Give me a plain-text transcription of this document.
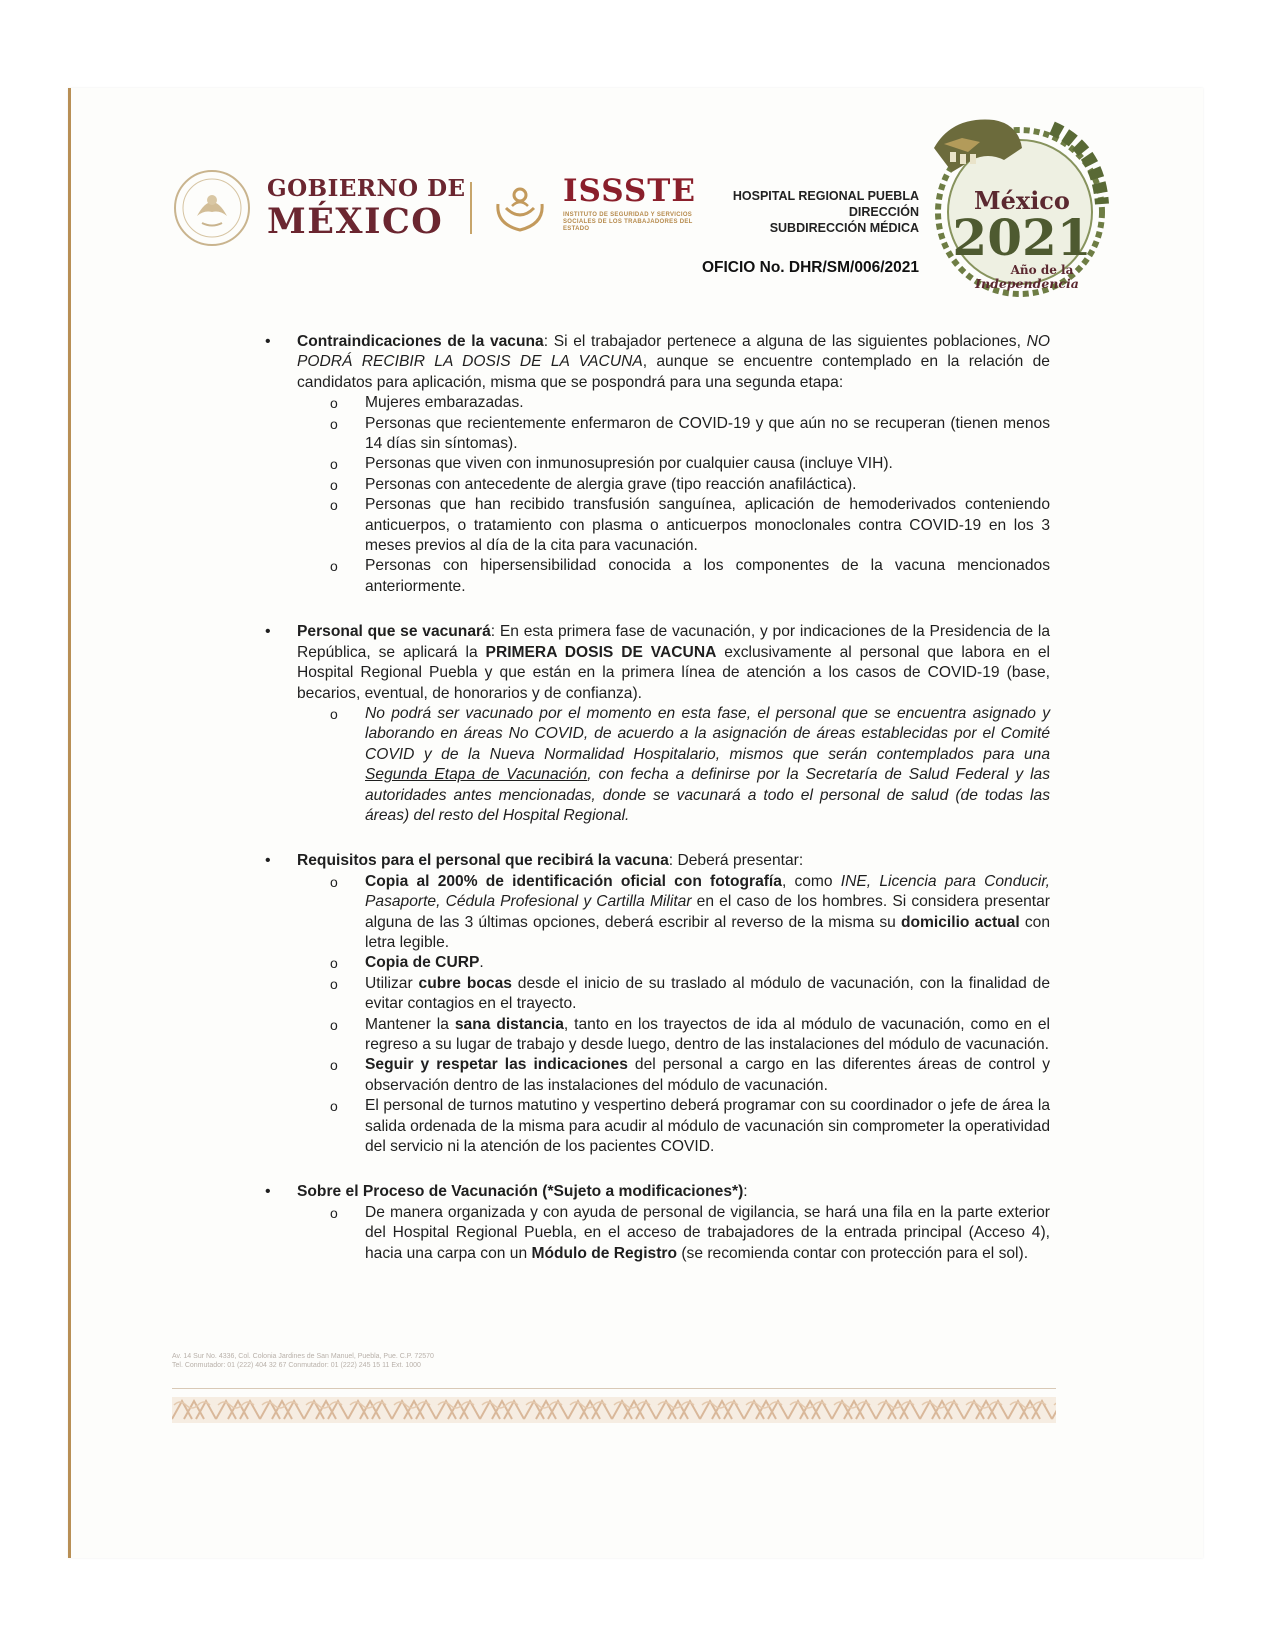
GOBIERNO DE
MÉXICO
ISSSTE
INSTITUTO DE SEGURIDAD Y SERVICIOS SOCIALES DE LOS TRABAJADORES DEL ESTADO
HOSPITAL REGIONAL PUEBLA
DIRECCIÓN
SUBDIRECCIÓN MÉDICA
OFICIO No. DHR/SM/006/2021
México
2021
Año de la
Independencia
• Contraindicaciones de la vacuna: Si el trabajador pertenece a alguna de las siguientes poblaciones, NO PODRÁ RECIBIR LA DOSIS DE LA VACUNA, aunque se encuentre contemplado en la relación de candidatos para aplicación, misma que se pospondrá para una segunda etapa:
o Mujeres embarazadas.
o Personas que recientemente enfermaron de COVID-19 y que aún no se recuperan (tienen menos 14 días sin síntomas).
o Personas que viven con inmunosupresión por cualquier causa (incluye VIH).
o Personas con antecedente de alergia grave (tipo reacción anafiláctica).
o Personas que han recibido transfusión sanguínea, aplicación de hemoderivados conteniendo anticuerpos, o tratamiento con plasma o anticuerpos monoclonales contra COVID-19 en los 3 meses previos al día de la cita para vacunación.
o Personas con hipersensibilidad conocida a los componentes de la vacuna mencionados anteriormente.
• Personal que se vacunará: En esta primera fase de vacunación, y por indicaciones de la Presidencia de la República, se aplicará la PRIMERA DOSIS DE VACUNA exclusivamente al personal que labora en el Hospital Regional Puebla y que están en la primera línea de atención a los casos de COVID-19 (base, becarios, eventual, de honorarios y de confianza).
o No podrá ser vacunado por el momento en esta fase, el personal que se encuentra asignado y laborando en áreas No COVID, de acuerdo a la asignación de áreas establecidas por el Comité COVID y de la Nueva Normalidad Hospitalario, mismos que serán contemplados para una Segunda Etapa de Vacunación, con fecha a definirse por la Secretaría de Salud Federal y las autoridades antes mencionadas, donde se vacunará a todo el personal de salud (de todas las áreas) del resto del Hospital Regional.
• Requisitos para el personal que recibirá la vacuna: Deberá presentar:
o Copia al 200% de identificación oficial con fotografía, como INE, Licencia para Conducir, Pasaporte, Cédula Profesional y Cartilla Militar en el caso de los hombres. Si considera presentar alguna de las 3 últimas opciones, deberá escribir al reverso de la misma su domicilio actual con letra legible.
o Copia de CURP.
o Utilizar cubre bocas desde el inicio de su traslado al módulo de vacunación, con la finalidad de evitar contagios en el trayecto.
o Mantener la sana distancia, tanto en los trayectos de ida al módulo de vacunación, como en el regreso a su lugar de trabajo y desde luego, dentro de las instalaciones del módulo de vacunación.
o Seguir y respetar las indicaciones del personal a cargo en las diferentes áreas de control y observación dentro de las instalaciones del módulo de vacunación.
o El personal de turnos matutino y vespertino deberá programar con su coordinador o jefe de área la salida ordenada de la misma para acudir al módulo de vacunación sin comprometer la operatividad del servicio ni la atención de los pacientes COVID.
• Sobre el Proceso de Vacunación (*Sujeto a modificaciones*):
o De manera organizada y con ayuda de personal de vigilancia, se hará una fila en la parte exterior del Hospital Regional Puebla, en el acceso de trabajadores de la entrada principal (Acceso 4), hacia una carpa con un Módulo de Registro (se recomienda contar con protección para el sol).
Av. 14 Sur No. 4336, Col. Colonia Jardines de San Manuel, Puebla, Pue. C.P. 72570
Tel. Conmutador: 01 (222) 404 32 67 Conmutador: 01 (222) 245 15 11 Ext. 1000
